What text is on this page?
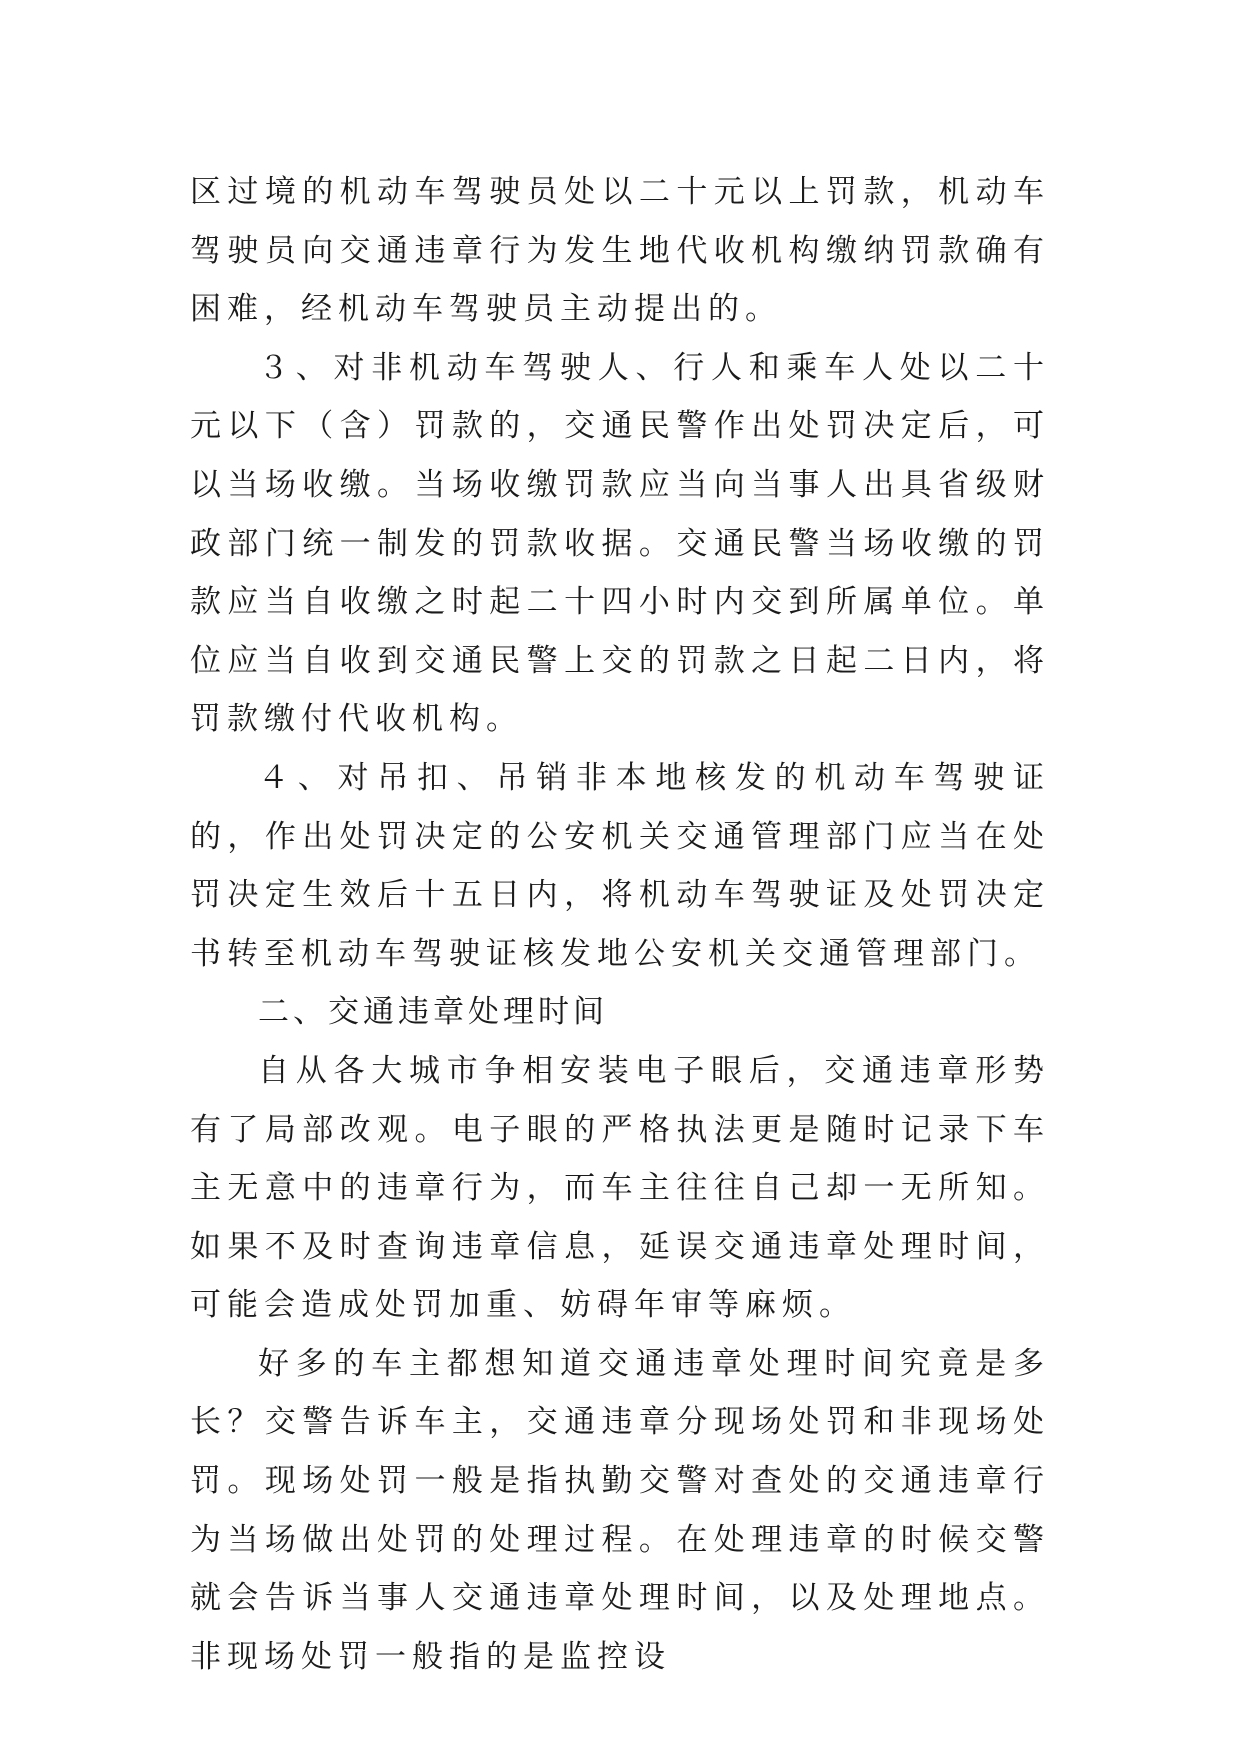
区过境的机动车驾驶员处以二十元以上罚款，机动车驾驶员向交通违章行为发生地代收机构缴纳罚款确有困难，经机动车驾驶员主动提出的。

３、对非机动车驾驶人、行人和乘车人处以二十元以下（含）罚款的，交通民警作出处罚决定后，可以当场收缴。当场收缴罚款应当向当事人出具省级财政部门统一制发的罚款收据。交通民警当场收缴的罚款应当自收缴之时起二十四小时内交到所属单位。单位应当自收到交通民警上交的罚款之日起二日内，将罚款缴付代收机构。

４、对吊扣、吊销非本地核发的机动车驾驶证的，作出处罚决定的公安机关交通管理部门应当在处罚决定生效后十五日内，将机动车驾驶证及处罚决定书转至机动车驾驶证核发地公安机关交通管理部门。

二、交通违章处理时间

自从各大城市争相安装电子眼后，交通违章形势有了局部改观。电子眼的严格执法更是随时记录下车主无意中的违章行为，而车主往往自己却一无所知。如果不及时查询违章信息，延误交通违章处理时间，可能会造成处罚加重、妨碍年审等麻烦。

好多的车主都想知道交通违章处理时间究竟是多长？交警告诉车主，交通违章分现场处罚和非现场处罚。现场处罚一般是指执勤交警对查处的交通违章行为当场做出处罚的处理过程。在处理违章的时候交警就会告诉当事人交通违章处理时间，以及处理地点。非现场处罚一般指的是监控设
